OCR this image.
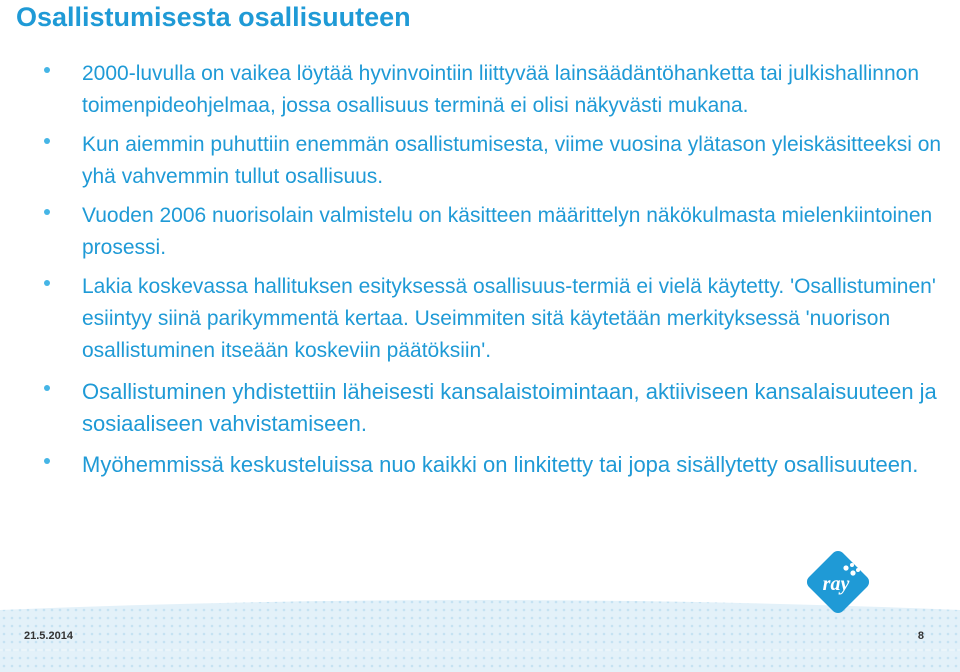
Osallistumisesta osallisuuteen
2000-luvulla on vaikea löytää hyvinvointiin liittyvää lainsäädäntöhanketta tai julkishallinnon toimenpideohjelmaa, jossa osallisuus terminä ei olisi näkyvästi mukana.
Kun aiemmin puhuttiin enemmän osallistumisesta, viime vuosina ylätason yleiskäsitteeksi on yhä vahvemmin tullut osallisuus.
Vuoden 2006 nuorisolain valmistelu on käsitteen määrittelyn näkökulmasta mielenkiintoinen prosessi.
Lakia koskevassa hallituksen esityksessä osallisuus-termiä ei vielä käytetty. 'Osallistuminen' esiintyy siinä parikymmentä kertaa. Useimmiten sitä käytetään merkityksessä 'nuorison osallistuminen itseään koskeviin päätöksiin'.
Osallistuminen yhdistettiin läheisesti kansalaistoimintaan, aktiiviseen kansalaisuuteen ja sosiaaliseen vahvistamiseen.
Myöhemmissä keskusteluissa nuo kaikki on linkitetty tai jopa sisällytetty osallisuuteen.
21.5.2014	8
ray
